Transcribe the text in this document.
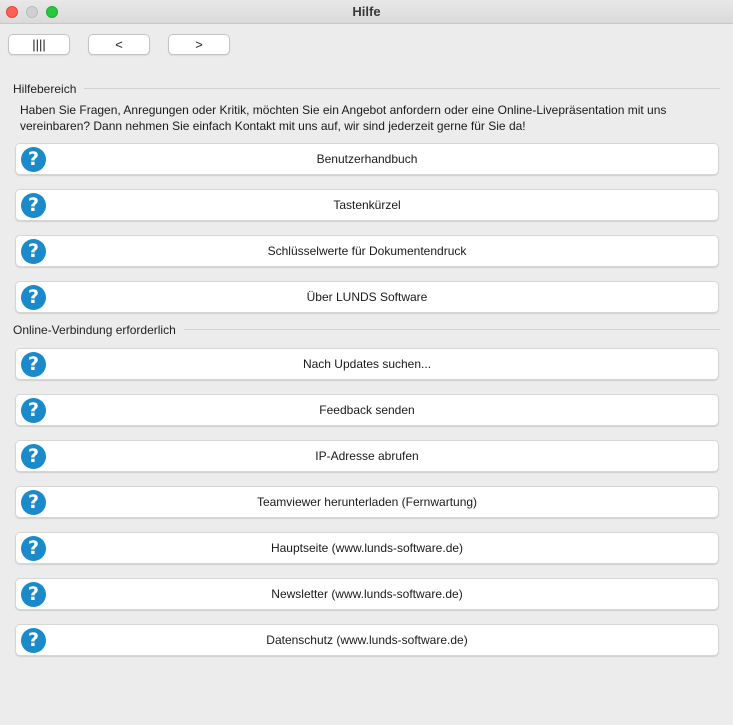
Hilfe
||||	<	>
Hilfebereich
Haben Sie Fragen, Anregungen oder Kritik, möchten Sie ein Angebot anfordern oder eine Online-Livepräsentation mit uns vereinbaren? Dann nehmen Sie einfach Kontakt mit uns auf, wir sind jederzeit gerne für Sie da!
?	Benutzerhandbuch
?	Tastenkürzel
?	Schlüsselwerte für Dokumentendruck
?	Über LUNDS Software
Online-Verbindung erforderlich
?	Nach Updates suchen...
?	Feedback senden
?	IP-Adresse abrufen
?	Teamviewer herunterladen (Fernwartung)
?	Hauptseite (www.lunds-software.de)
?	Newsletter (www.lunds-software.de)
?	Datenschutz (www.lunds-software.de)
